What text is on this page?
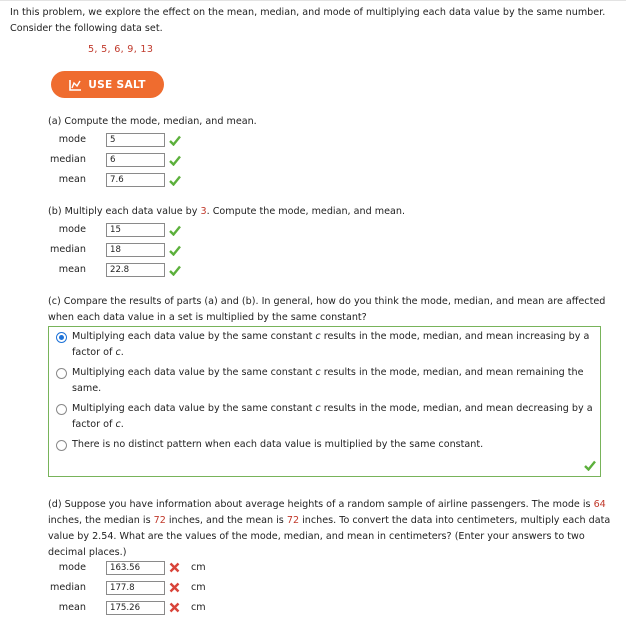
In this problem, we explore the effect on the mean, median, and mode of multiplying each data value by the same number. Consider the following data set.
5, 5, 6, 9, 13
USE SALT
(a) Compute the mode, median, and mean.
mode	5
median	6
mean	7.6
(b) Multiply each data value by 3. Compute the mode, median, and mean.
mode	15
median	18
mean	22.8
(c) Compare the results of parts (a) and (b). In general, how do you think the mode, median, and mean are affected when each data value in a set is multiplied by the same constant?
Multiplying each data value by the same constant c results in the mode, median, and mean increasing by a factor of c.
Multiplying each data value by the same constant c results in the mode, median, and mean remaining the same.
Multiplying each data value by the same constant c results in the mode, median, and mean decreasing by a factor of c.
There is no distinct pattern when each data value is multiplied by the same constant.
(d) Suppose you have information about average heights of a random sample of airline passengers. The mode is 64 inches, the median is 72 inches, and the mean is 72 inches. To convert the data into centimeters, multiply each data value by 2.54. What are the values of the mode, median, and mean in centimeters? (Enter your answers to two decimal places.)
mode	163.56	cm
median	177.8	cm
mean	175.26	cm
